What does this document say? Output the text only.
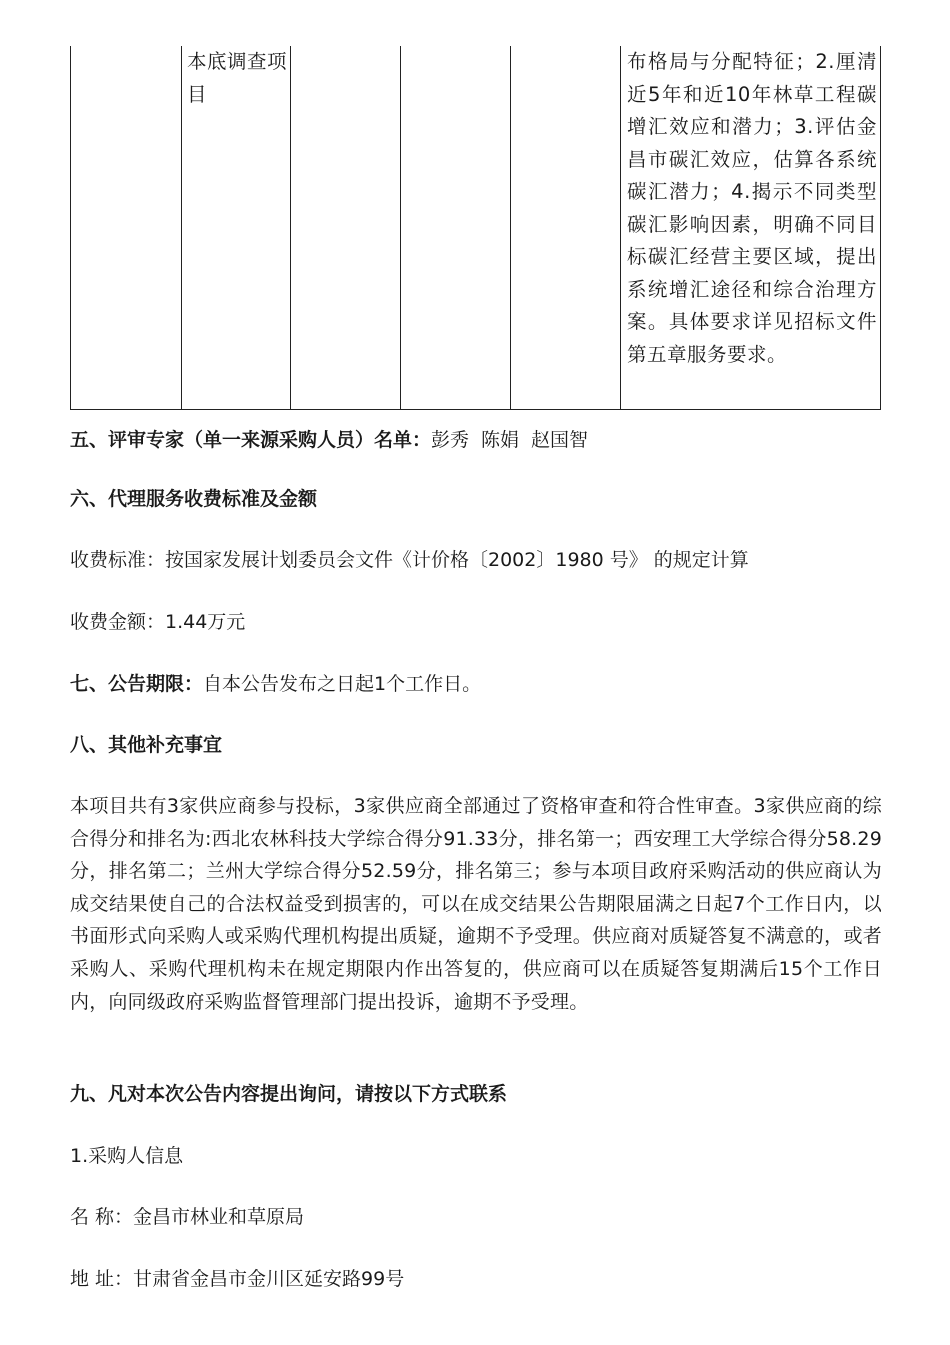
本底调查项目
布格局与分配特征；2.厘清近5年和近10年林草工程碳增汇效应和潜力；3.评估金昌市碳汇效应，估算各系统碳汇潜力；4.揭示不同类型碳汇影响因素，明确不同目标碳汇经营主要区域，提出系统增汇途径和综合治理方案。具体要求详见招标文件第五章服务要求。

五、评审专家（单一来源采购人员）名单：彭秀 陈娟 赵国智

六、代理服务收费标准及金额

收费标准：按国家发展计划委员会文件《计价格〔2002〕1980 号》 的规定计算

收费金额：1.44万元

七、公告期限：自本公告发布之日起1个工作日。

八、其他补充事宜

本项目共有3家供应商参与投标，3家供应商全部通过了资格审查和符合性审查。3家供应商的综合得分和排名为:西北农林科技大学综合得分91.33分，排名第一；西安理工大学综合得分58.29分，排名第二；兰州大学综合得分52.59分，排名第三；参与本项目政府采购活动的供应商认为成交结果使自己的合法权益受到损害的，可以在成交结果公告期限届满之日起7个工作日内，以书面形式向采购人或采购代理机构提出质疑，逾期不予受理。供应商对质疑答复不满意的，或者采购人、采购代理机构未在规定期限内作出答复的，供应商可以在质疑答复期满后15个工作日内，向同级政府采购监督管理部门提出投诉，逾期不予受理。

九、凡对本次公告内容提出询问，请按以下方式联系

1.采购人信息

名 称：金昌市林业和草原局

地 址：甘肃省金昌市金川区延安路99号
